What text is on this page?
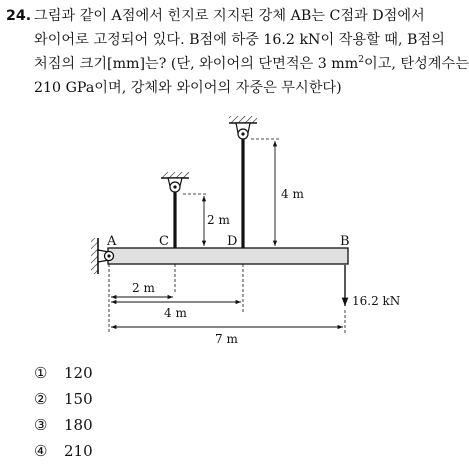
24. 그림과 같이 A점에서 힌지로 지지된 강체 AB는 C점과 D점에서
와이어로 고정되어 있다. B점에 하중 16.2 kN이 작용할 때, B점의
처짐의 크기[mm]는? (단, 와이어의 단면적은 3 $mm^2$이고, 탄성계수는
210 GPa이며, 강체와 와이어의 자중은 무시한다)
A	C	D	B
2 m
4 m
16.2 kN
2 m
4 m
7 m
①	120
②	150
③	180
④	210
